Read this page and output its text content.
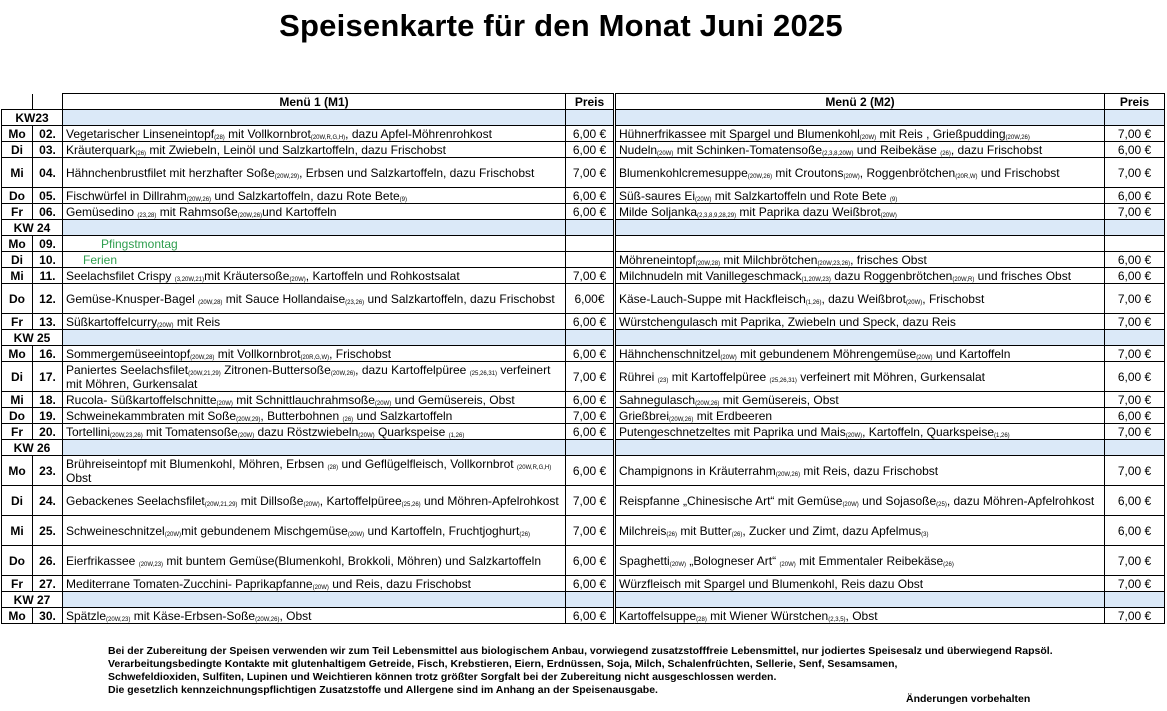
Speisenkarte für den Monat Juni 2025
		Menü 1 (M1)	Preis		Menü 2 (M2)	Preis
KW23						
Mo	02.	Vegetarischer Linseneintopf$_{(28)}$ mit Vollkornbrot$_{(20W,R,G,H)}$, dazu Apfel-Möhrenrohkost	6,00 €		Hühnerfrikassee mit Spargel und Blumenkohl$_{(20W)}$ mit Reis , Grießpudding$_{(20W,26)}$	7,00 €
Di	03.	Kräuterquark$_{(26)}$ mit Zwiebeln, Leinöl und Salzkartoffeln, dazu Frischobst	6,00 €		Nudeln$_{(20W)}$ mit Schinken-Tomatensoße$_{(2,3,8,20W)}$ und Reibekäse $_{(26)}$, dazu Frischobst	6,00 €
Mi	04.	Hähnchenbrustfilet mit herzhafter Soße$_{(20W,29)}$, Erbsen und Salzkartoffeln, dazu Frischobst	7,00 €		Blumenkohlcremesuppe$_{(20W,26)}$ mit Croutons$_{(20W)}$, Roggenbrötchen$_{(20R,W)}$ und Frischobst	7,00 €
Do	05.	Fischwürfel in Dillrahm$_{(20W,26)}$ und Salzkartoffeln, dazu Rote Bete$_{(9)}$	6,00 €		Süß-saures $Ei_{(20W)}$ mit Salzkartoffeln und Rote Bete $_{(9)}$	6,00 €
Fr	06.	Gemüsedino $_{(23,28)}$ mit Rahmsoße$_{(20W,26)}$und Kartoffeln	6,00 €		Milde Soljanka$_{(2,3,8,9,28,29)}$ mit Paprika dazu Weißbrot$_{(20W)}$	7,00 €
KW 24						
Mo	09.	Pfingstmontag				
Di	10.	Ferien			Möhreneintopf$_{(20W,28)}$ mit Milchbrötchen$_{(20W,23,26)}$, frisches Obst	6,00 €
Mi	11.	Seelachsfilet Crispy $_{(3,20W,21)}$mit Kräutersoße$_{(20W)}$, Kartoffeln und Rohkostsalat	7,00 €		Milchnudeln mit Vanillegeschmack$_{(1,20W,23)}$ dazu Roggenbrötchen$_{(20W,R)}$ und frisches Obst	6,00 €
Do	12.	Gemüse-Knusper-Bagel $_{(20W,28)}$ mit Sauce Hollandaise$_{(23,26)}$ und Salzkartoffeln, dazu Frischobst	6,00€		Käse-Lauch-Suppe mit Hackfleisch$_{(1,26)}$, dazu Weißbrot$_{(20W)}$, Frischobst	7,00 €
Fr	13.	Süßkartoffelcurry$_{(20W)}$ mit Reis	6,00 €		Würstchengulasch mit Paprika, Zwiebeln und Speck, dazu Reis	7,00 €
KW 25						
Mo	16.	Sommergemüseeintopf$_{(20W,28)}$ mit Vollkornbrot$_{(20R,G,W)}$, Frischobst	6,00 €		Hähnchenschnitzel$_{(20W)}$ mit gebundenem Möhrengemüse$_{(20W)}$ und Kartoffeln	7,00 €
Di	17.	Paniertes Seelachsfilet$_{(20W,21,29)}$ Zitronen-Buttersoße$_{(20W,26)}$, dazu Kartoffelpüree $_{(25,26,31)}$ verfeinert mit Möhren, Gurkensalat	7,00 €		Rührei $_{(23)}$ mit Kartoffelpüree $_{(25,26,31)}$ verfeinert mit Möhren, Gurkensalat	6,00 €
Mi	18.	Rucola- Süßkartoffelschnitte$_{(20W)}$ mit Schnittlauchrahmsoße$_{(20W)}$ und Gemüsereis, Obst	6,00 €		Sahnegulasch$_{(20W,26)}$ mit Gemüsereis, Obst	7,00 €
Do	19.	Schweinekammbraten mit Soße$_{(20W,29)}$, Butterbohnen $_{(26)}$ und Salzkartoffeln	7,00 €		Grießbrei$_{(20W,26)}$ mit Erdbeeren	6,00 €
Fr	20.	Tortellini$_{(20W,23,26)}$ mit Tomatensoße$_{(20W)}$ dazu Röstzwiebeln$_{(20W)}$ Quarkspeise $_{(1,26)}$	6,00 €		Putengeschnetzeltes mit Paprika und Mais$_{(20W)}$, Kartoffeln, Quarkspeise$_{(1,26)}$	7,00 €
KW 26						
Mo	23.	Brühreiseintopf mit Blumenkohl, Möhren, Erbsen $_{(28)}$ und Geflügelfleisch, Vollkornbrot $_{(20W,R,G,H)}$ Obst	6,00 €		Champignons in Kräuterrahm$_{(20W,26)}$ mit Reis, dazu Frischobst	7,00 €
Di	24.	Gebackenes Seelachsfilet$_{(20W,21,29)}$ mit Dillsoße$_{(20W)}$, Kartoffelpüree$_{(25,26)}$ und Möhren-Apfelrohkost	7,00 €		Reispfanne „Chinesische Art“ mit Gemüse$_{(20W)}$ und Sojasoße$_{(25)}$, dazu Möhren-Apfelrohkost	6,00 €
Mi	25.	Schweineschnitzel$_{(20W)}$mit gebundenem Mischgemüse$_{(20W)}$ und Kartoffeln, Fruchtjoghurt$_{(26)}$	7,00 €		Milchreis$_{(26)}$ mit Butter$_{(26)}$, Zucker und Zimt, dazu Apfelmus$_{(3)}$	6,00 €
Do	26.	Eierfrikassee $_{(20W,23)}$ mit buntem Gemüse(Blumenkohl, Brokkoli, Möhren) und Salzkartoffeln	6,00 €		Spaghetti$_{(20W)}$ „Bologneser Art“ $_{(20W)}$ mit Emmentaler Reibekäse$_{(26)}$	7,00 €
Fr	27.	Mediterrane Tomaten-Zucchini- Paprikapfanne$_{(20W)}$ und Reis, dazu Frischobst	6,00 €		Würzfleisch mit Spargel und Blumenkohl, Reis dazu Obst	7,00 €
KW 27						
Mo	30.	Spätzle$_{(20W,23)}$ mit Käse-Erbsen-Soße$_{(20W,26)}$, Obst	6,00 €		Kartoffelsuppe$_{(28)}$ mit Wiener Würstchen$_{(2,3,5)}$, Obst	7,00 €
Bei der Zubereitung der Speisen verwenden wir zum Teil Lebensmittel aus biologischem Anbau, vorwiegend zusatzstofffreie Lebensmittel, nur jodiertes Speisesalz und überwiegend Rapsöl.
Verarbeitungsbedingte Kontakte mit glutenhaltigem Getreide, Fisch, Krebstieren, Eiern, Erdnüssen, Soja, Milch, Schalenfrüchten, Sellerie, Senf, Sesamsamen,
Schwefeldioxiden, Sulfiten, Lupinen und Weichtieren können trotz größter Sorgfalt bei der Zubereitung nicht ausgeschlossen werden.
Die gesetzlich kennzeichnungspflichtigen Zusatzstoffe und Allergene sind im Anhang an der Speisenausgabe.
Änderungen vorbehalten
